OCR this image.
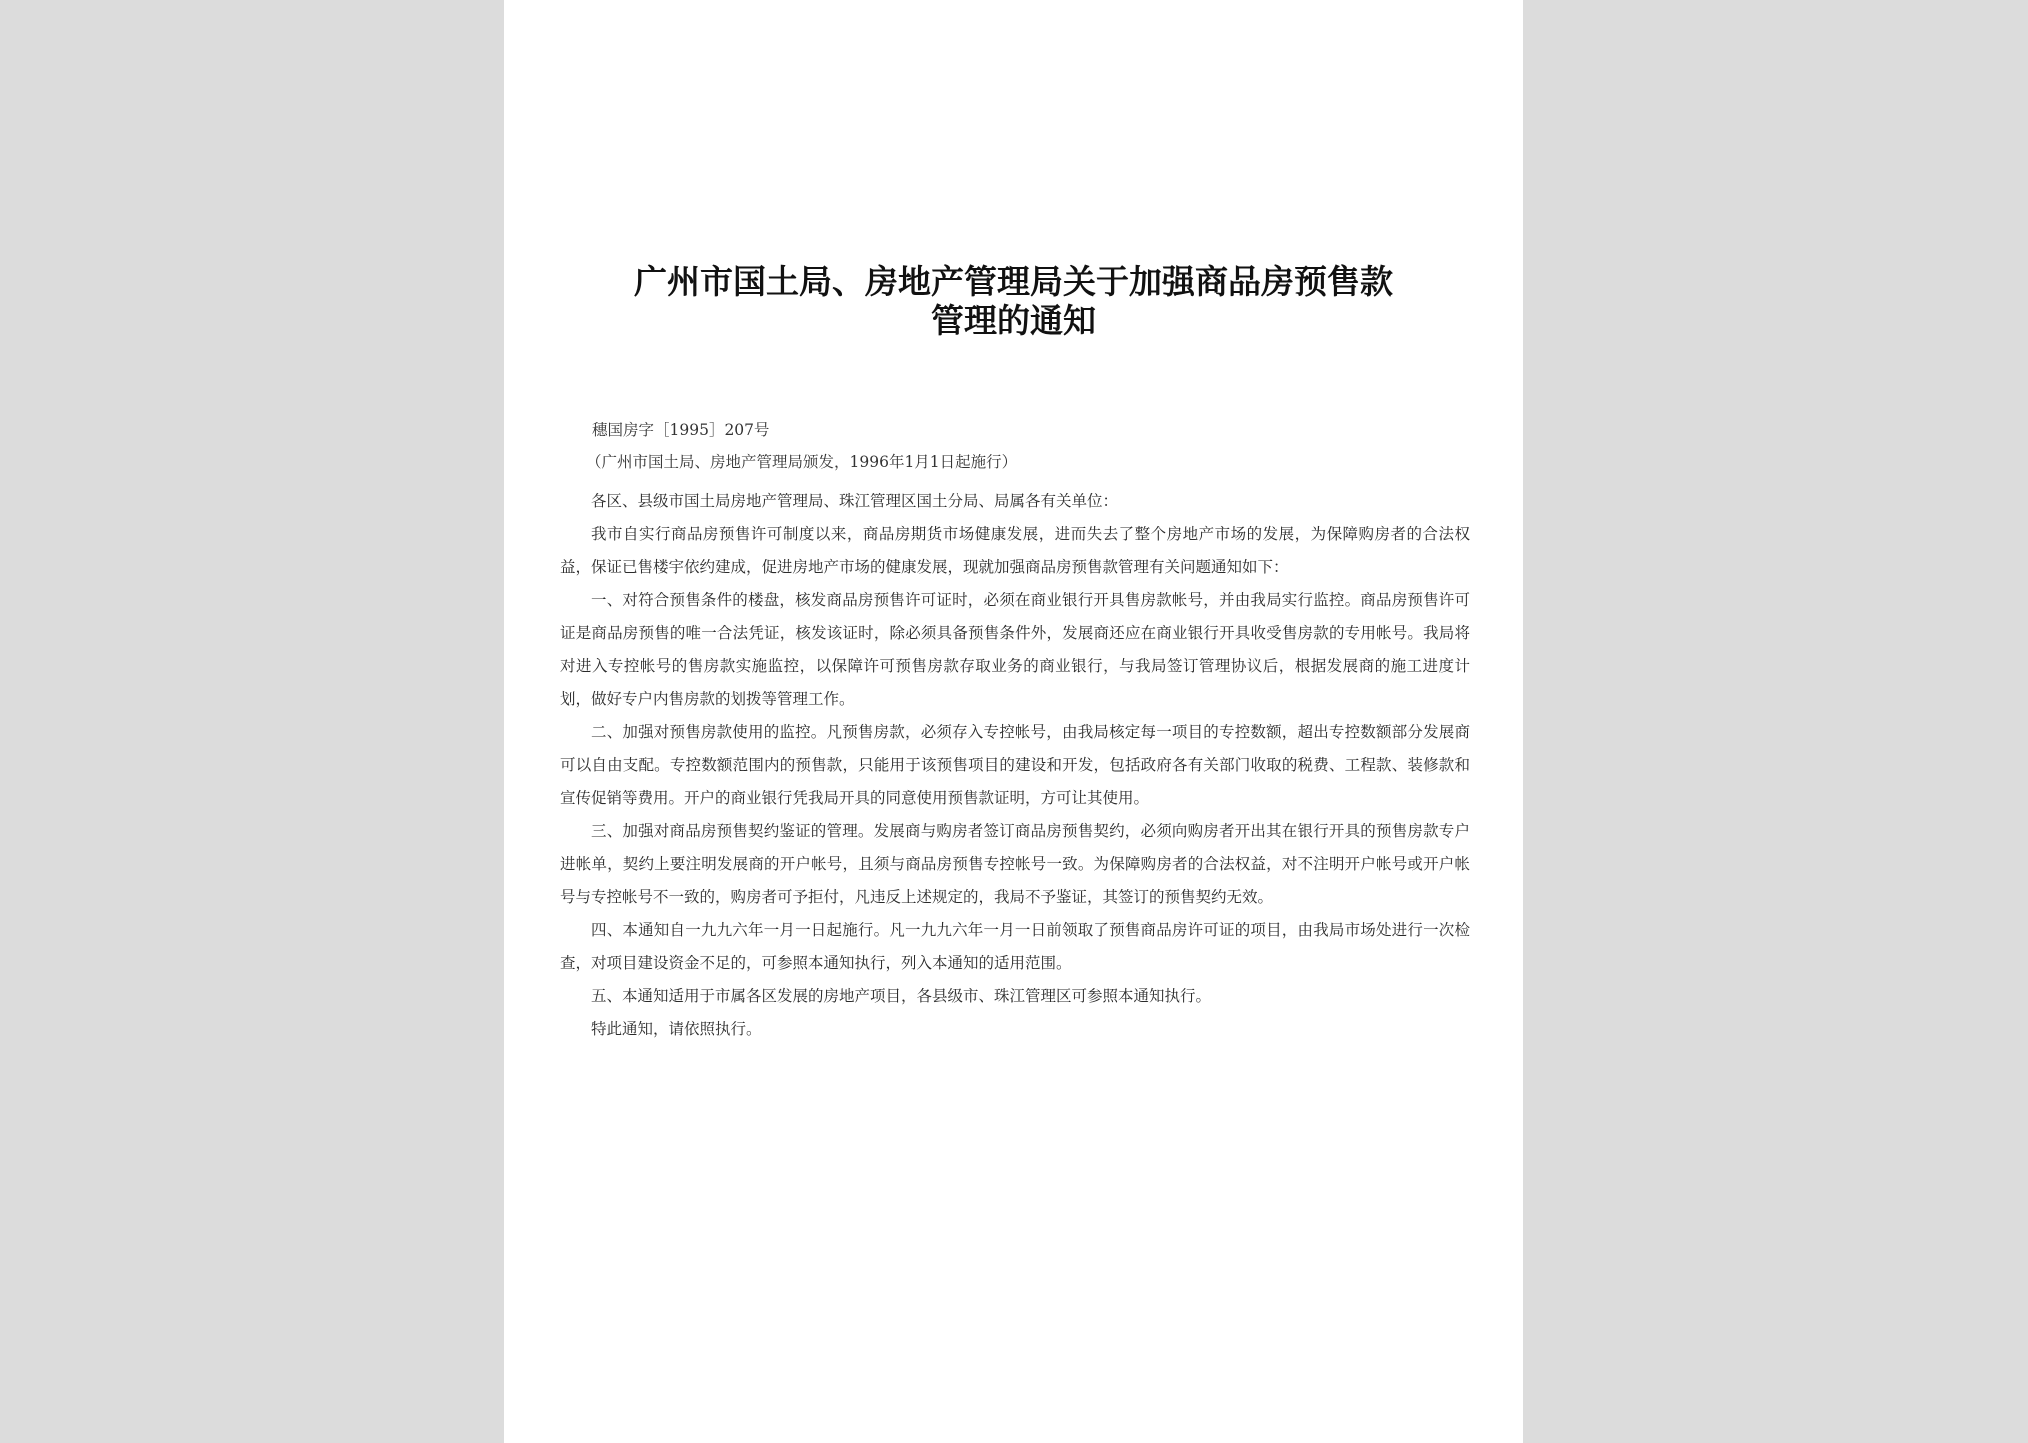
广州市国土局、房地产管理局关于加强商品房预售款
管理的通知
穗国房字［1995］207号
（广州市国土局、房地产管理局颁发，1996年1月1日起施行）

各区、县级市国土局房地产管理局、珠江管理区国土分局、局属各有关单位：

我市自实行商品房预售许可制度以来，商品房期货市场健康发展，进而失去了整个房地产市场的发展，为保障购房者的合法权益，保证已售楼宇依约建成，促进房地产市场的健康发展，现就加强商品房预售款管理有关问题通知如下：

一、对符合预售条件的楼盘，核发商品房预售许可证时，必须在商业银行开具售房款帐号，并由我局实行监控。商品房预售许可证是商品房预售的唯一合法凭证，核发该证时，除必须具备预售条件外，发展商还应在商业银行开具收受售房款的专用帐号。我局将对进入专控帐号的售房款实施监控，以保障许可预售房款存取业务的商业银行，与我局签订管理协议后，根据发展商的施工进度计划，做好专户内售房款的划拨等管理工作。

二、加强对预售房款使用的监控。凡预售房款，必须存入专控帐号，由我局核定每一项目的专控数额，超出专控数额部分发展商可以自由支配。专控数额范围内的预售款，只能用于该预售项目的建设和开发，包括政府各有关部门收取的税费、工程款、装修款和宣传促销等费用。开户的商业银行凭我局开具的同意使用预售款证明，方可让其使用。

三、加强对商品房预售契约鉴证的管理。发展商与购房者签订商品房预售契约，必须向购房者开出其在银行开具的预售房款专户进帐单，契约上要注明发展商的开户帐号，且须与商品房预售专控帐号一致。为保障购房者的合法权益，对不注明开户帐号或开户帐号与专控帐号不一致的，购房者可予拒付，凡违反上述规定的，我局不予鉴证，其签订的预售契约无效。

四、本通知自一九九六年一月一日起施行。凡一九九六年一月一日前领取了预售商品房许可证的项目，由我局市场处进行一次检查，对项目建设资金不足的，可参照本通知执行，列入本通知的适用范围。

五、本通知适用于市属各区发展的房地产项目，各县级市、珠江管理区可参照本通知执行。

特此通知，请依照执行。
